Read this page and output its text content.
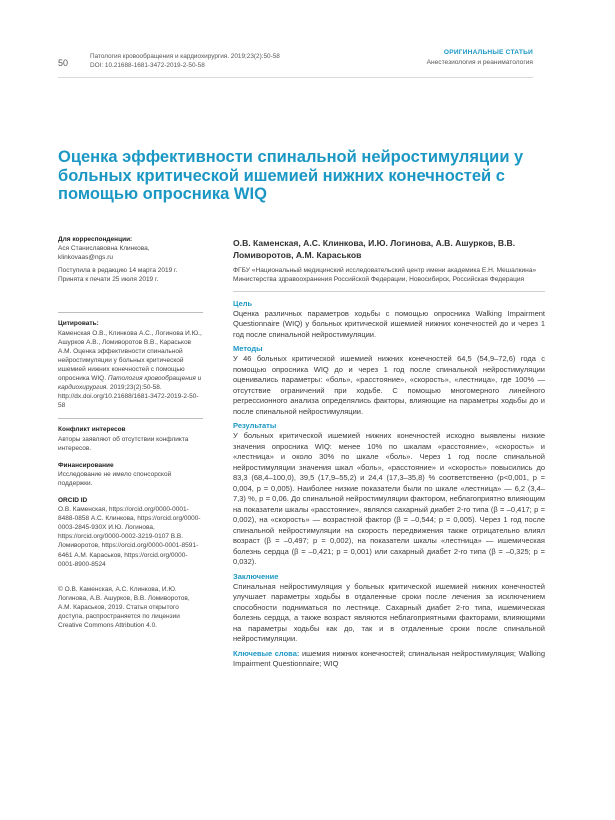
50
Патология кровообращения и кардиохирургия. 2019;23(2):50-58
DOI: 10.21688-1681-3472-2019-2-50-58
ОРИГИНАЛЬНЫЕ СТАТЬИ
Анестезиология и реаниматология
Оценка эффективности спинальной нейростимуляции у больных критической ишемией нижних конечностей с помощью опросника WIQ
Для корреспонденции:
Ася Станиславовна Клинкова,
klinkovaas@ngs.ru
Поступила в редакцию 14 марта 2019 г.
Принята к печати 25 июля 2019 г.
Цитировать:
Каменская О.В., Клинкова А.С., Логинова И.Ю., Ашурков А.В., Ломиворотов В.В., Караськов А.М. Оценка эффективности спинальной нейростимуляции у больных критической ишемией нижних конечностей с помощью опросника WIQ. Патология кровообращения и кардиохирургия. 2019;23(2):50-58. http://dx.doi.org/10.21688/1681-3472-2019-2-50-58
Конфликт интересов
Авторы заявляют об отсутствии конфликта интересов.
Финансирование
Исследование не имело спонсорской поддержки.
ORCID ID
О.В. Каменская, https://orcid.org/0000-0001-8488-0858 А.С. Клинкова, https://orcid.org/0000-0003-2845-930X И.Ю. Логинова, https://orcid.org/0000-0002-3219-0107 В.В. Ломиворотов, https://orcid.org/0000-0001-8591-6461 А.М. Караськов, https://orcid.org/0000-0001-8900-8524
© О.В. Каменская, А.С. Клинкова, И.Ю. Логинова, А.В. Ашурков, В.В. Ломиворотов, А.М. Караськов, 2019. Статья открытого доступа, распространяется по лицензии Creative Commons Attribution 4.0.
О.В. Каменская, А.С. Клинкова, И.Ю. Логинова, А.В. Ашурков, В.В. Ломиворотов, А.М. Караськов
ФГБУ «Национальный медицинский исследовательский центр имени академика Е.Н. Мешалкина» Министерства здравоохранения Российской Федерации, Новосибирск, Российская Федерация
Цель

Оценка различных параметров ходьбы с помощью опросника Walking Impairment Questionnaire (WIQ) у больных критической ишемией нижних конечностей до и через 1 год после спинальной нейростимуляции.

Методы

У 46 больных критической ишемией нижних конечностей 64,5 (54,9–72,6) года с помощью опросника WIQ до и через 1 год после спинальной нейростимуляции оценивались параметры: «боль», «расстояние», «скорость», «лестница», где 100% — отсутствие ограничений при ходьбе. С помощью многомерного линейного регрессионного анализа определялись факторы, влияющие на параметры ходьбы до и после спинальной нейростимуляции.

Результаты

У больных критической ишемией нижних конечностей исходно выявлены низкие значения опросника WIQ: менее 10% по шкалам «расстояние», «скорость» и «лестница» и около 30% по шкале «боль». Через 1 год после спинальной нейростимуляции значения шкал «боль», «расстояние» и «скорость» повысились до 83,3 (68,4–100,0), 39,5 (17,9–55,2) и 24,4 (17,3–35,8) % соответственно (p<0,001, p = 0,004, p = 0,005). Наиболее низкие показатели были по шкале «лестница» — 6,2 (3,4–7,3) %, p = 0,06. До спинальной нейростимуляции фактором, неблагоприятно влияющим на показатели шкалы «расстояние», являлся сахарный диабет 2-го типа (β = –0,417; p = 0,002), на «скорость» — возрастной фактор (β = –0,544; p = 0,005). Через 1 год после спинальной нейростимуляции на скорость передвижения также отрицательно влиял возраст (β = –0,497; p = 0,002), на показатели шкалы «лестница» — ишемическая болезнь сердца (β = –0,421; p = 0,001) или сахарный диабет 2-го типа (β = –0,325; p = 0,032).

Заключение

Спинальная нейростимуляция у больных критической ишемией нижних конечностей улучшает параметры ходьбы в отдаленные сроки после лечения за исключением способности подниматься по лестнице. Сахарный диабет 2-го типа, ишемическая болезнь сердца, а также возраст являются неблагоприятными факторами, влияющими на параметры ходьбы как до, так и в отдаленные сроки после спинальной нейростимуляции.

Ключевые слова: ишемия нижних конечностей; спинальная нейростимуляция; Walking Impairment Questionnaire; WIQ
